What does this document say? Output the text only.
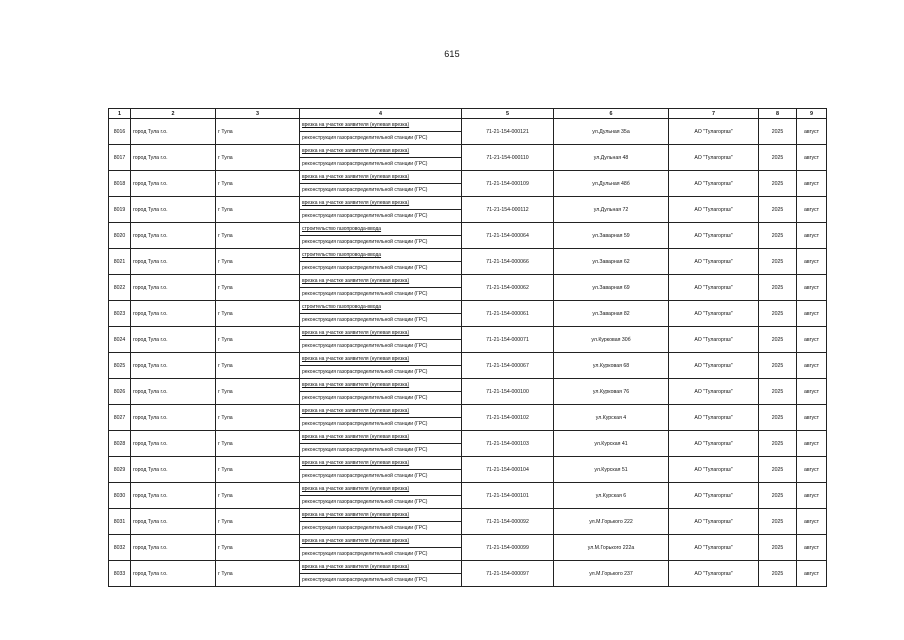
615
1	2	3	4	5	6	7	8	9
8016	город Тула г.о.	г Тула	врезка на участке заявителя (нулевая врезка)	71-21-154-000121	ул.Дульная 35а	АО "Тулагоргаз"	2025	август
			реконструкция газораспределительной станции (ГРС)					
8017	город Тула г.о.	г Тула	врезка на участке заявителя (нулевая врезка)	71-21-154-000110	ул.Дульная 48	АО "Тулагоргаз"	2025	август
			реконструкция газораспределительной станции (ГРС)					
8018	город Тула г.о.	г Тула	врезка на участке заявителя (нулевая врезка)	71-21-154-000109	ул.Дульная 48б	АО "Тулагоргаз"	2025	август
			реконструкция газораспределительной станции (ГРС)					
8019	город Тула г.о.	г Тула	врезка на участке заявителя (нулевая врезка)	71-21-154-000112	ул.Дульная 72	АО "Тулагоргаз"	2025	август
			реконструкция газораспределительной станции (ГРС)					
8020	город Тула г.о.	г Тула	строительство газопровода-ввода	71-21-154-000064	ул.Заварная 59	АО "Тулагоргаз"	2025	август
			реконструкция газораспределительной станции (ГРС)					
8021	город Тула г.о.	г Тула	строительство газопровода-ввода	71-21-154-000066	ул.Заварная 62	АО "Тулагоргаз"	2025	август
			реконструкция газораспределительной станции (ГРС)					
8022	город Тула г.о.	г Тула	врезка на участке заявителя (нулевая врезка)	71-21-154-000062	ул.Заварная 69	АО "Тулагоргаз"	2025	август
			реконструкция газораспределительной станции (ГРС)					
8023	город Тула г.о.	г Тула	строительство газопровода-ввода	71-21-154-000061	ул.Заварная 82	АО "Тулагоргаз"	2025	август
			реконструкция газораспределительной станции (ГРС)					
8024	город Тула г.о.	г Тула	врезка на участке заявителя (нулевая врезка)	71-21-154-000071	ул.Курковая 30б	АО "Тулагоргаз"	2025	август
			реконструкция газораспределительной станции (ГРС)					
8025	город Тула г.о.	г Тула	врезка на участке заявителя (нулевая врезка)	71-21-154-000067	ул.Курковая 68	АО "Тулагоргаз"	2025	август
			реконструкция газораспределительной станции (ГРС)					
8026	город Тула г.о.	г Тула	врезка на участке заявителя (нулевая врезка)	71-21-154-000100	ул.Курковая 76	АО "Тулагоргаз"	2025	август
			реконструкция газораспределительной станции (ГРС)					
8027	город Тула г.о.	г Тула	врезка на участке заявителя (нулевая врезка)	71-21-154-000102	ул.Курская 4	АО "Тулагоргаз"	2025	август
			реконструкция газораспределительной станции (ГРС)					
8028	город Тула г.о.	г Тула	врезка на участке заявителя (нулевая врезка)	71-21-154-000103	ул.Курская 41	АО "Тулагоргаз"	2025	август
			реконструкция газораспределительной станции (ГРС)					
8029	город Тула г.о.	г Тула	врезка на участке заявителя (нулевая врезка)	71-21-154-000104	ул.Курская 51	АО "Тулагоргаз"	2025	август
			реконструкция газораспределительной станции (ГРС)					
8030	город Тула г.о.	г Тула	врезка на участке заявителя (нулевая врезка)	71-21-154-000101	ул.Курская 6	АО "Тулагоргаз"	2025	август
			реконструкция газораспределительной станции (ГРС)					
8031	город Тула г.о.	г Тула	врезка на участке заявителя (нулевая врезка)	71-21-154-000092	ул.М.Горького 222	АО "Тулагоргаз"	2025	август
			реконструкция газораспределительной станции (ГРС)					
8032	город Тула г.о.	г Тула	врезка на участке заявителя (нулевая врезка)	71-21-154-000099	ул.М.Горького 222а	АО "Тулагоргаз"	2025	август
			реконструкция газораспределительной станции (ГРС)					
8033	город Тула г.о.	г Тула	врезка на участке заявителя (нулевая врезка)	71-21-154-000097	ул.М.Горького 237	АО "Тулагоргаз"	2025	август
			реконструкция газораспределительной станции (ГРС)					
